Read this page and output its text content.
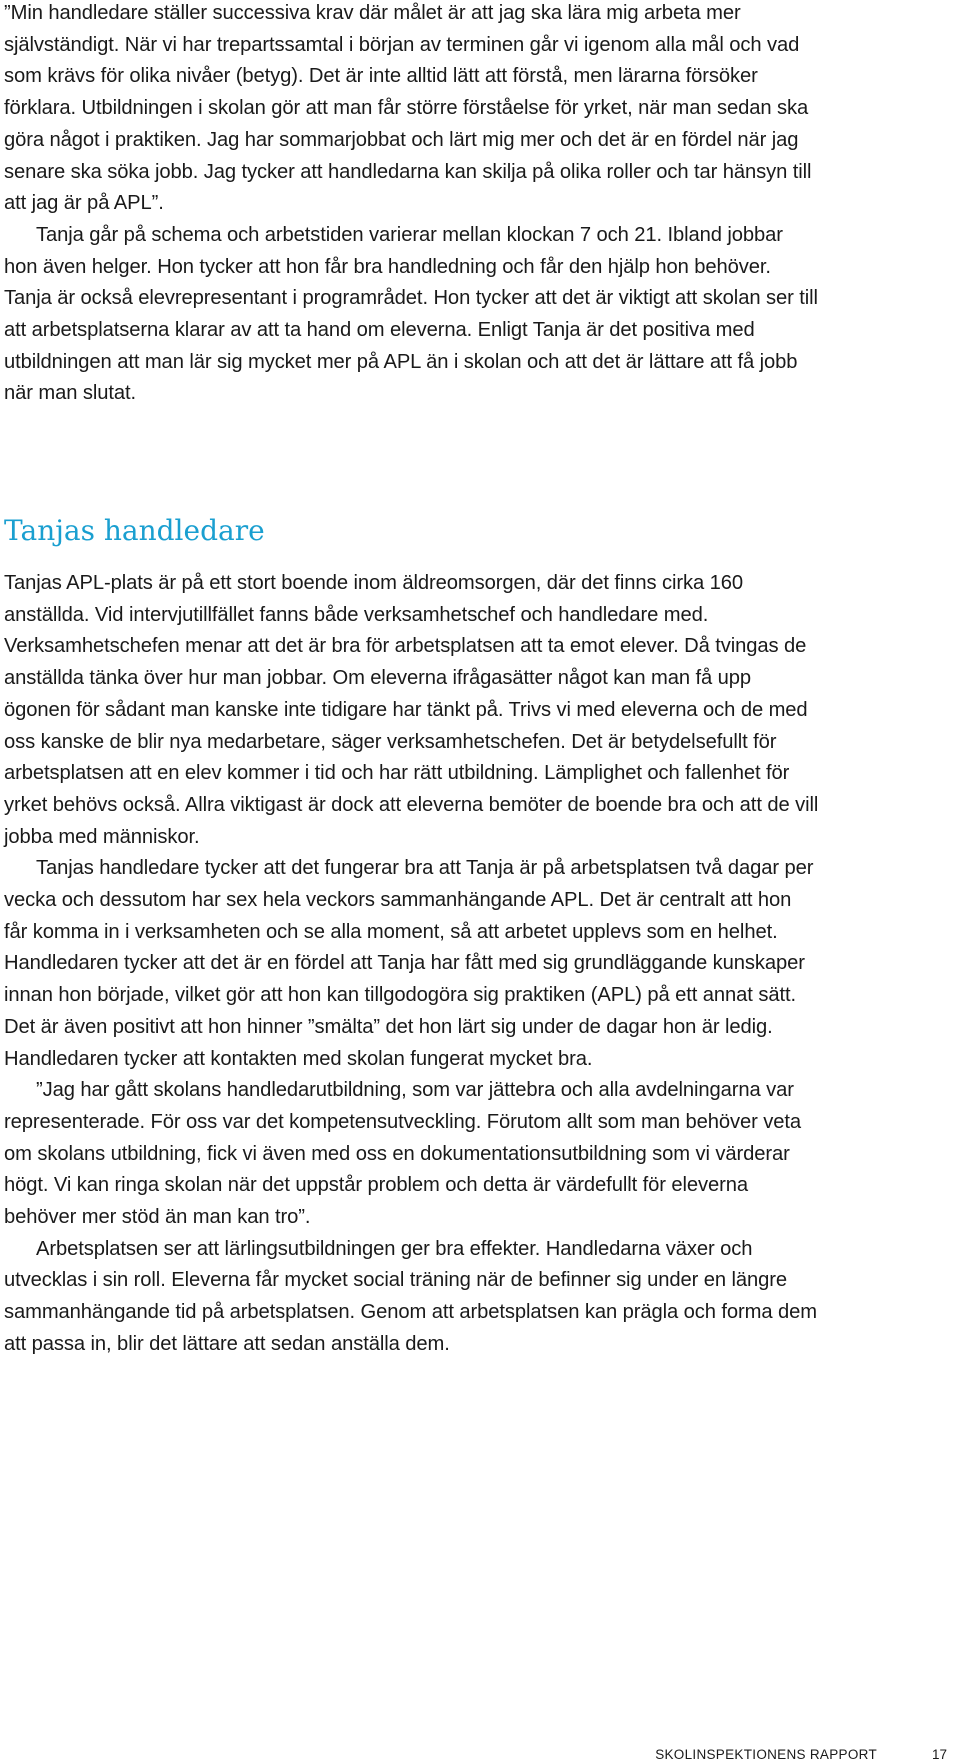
”Min handledare ställer successiva krav där målet är att jag ska lära mig arbeta mer självständigt. När vi har trepartssamtal i början av terminen går vi igenom alla mål och vad som krävs för olika nivåer (betyg). Det är inte alltid lätt att förstå, men lärarna försöker förklara. Utbildningen i skolan gör att man får större förståelse för yrket, när man sedan ska göra något i praktiken. Jag har sommarjobbat och lärt mig mer och det är en fördel när jag senare ska söka jobb. Jag tycker att handledarna kan skilja på olika roller och tar hänsyn till att jag är på APL”.

Tanja går på schema och arbetstiden varierar mellan klockan 7 och 21. Ibland jobbar hon även helger. Hon tycker att hon får bra handledning och får den hjälp hon behöver. Tanja är också elevrepresentant i programrådet. Hon tycker att det är viktigt att skolan ser till att arbetsplatserna klarar av att ta hand om eleverna. Enligt Tanja är det positiva med utbildningen att man lär sig mycket mer på APL än i skolan och att det är lättare att få jobb när man slutat.

Tanjas handledare

Tanjas APL-plats är på ett stort boende inom äldreomsorgen, där det finns cirka 160 anställda. Vid intervjutillfället fanns både verksamhetschef och handledare med. Verksamhetschefen menar att det är bra för arbetsplatsen att ta emot elever. Då tvingas de anställda tänka över hur man jobbar. Om eleverna ifrågasätter något kan man få upp ögonen för sådant man kanske inte tidigare har tänkt på. Trivs vi med eleverna och de med oss kanske de blir nya medarbetare, säger verksamhetschefen. Det är betydelsefullt för arbetsplatsen att en elev kommer i tid och har rätt utbildning. Lämplighet och fallenhet för yrket behövs också. Allra viktigast är dock att eleverna bemöter de boende bra och att de vill jobba med människor.

Tanjas handledare tycker att det fungerar bra att Tanja är på arbetsplatsen två dagar per vecka och dessutom har sex hela veckors sammanhängande APL. Det är centralt att hon får komma in i verksamheten och se alla moment, så att arbetet upplevs som en helhet. Handledaren tycker att det är en fördel att Tanja har fått med sig grundläggande kunskaper innan hon började, vilket gör att hon kan tillgodogöra sig praktiken (APL) på ett annat sätt. Det är även positivt att hon hinner ”smälta” det hon lärt sig under de dagar hon är ledig. Handledaren tycker att kontakten med skolan fungerat mycket bra.

”Jag har gått skolans handledarutbildning, som var jättebra och alla avdelningarna var representerade. För oss var det kompetensutveckling. Förutom allt som man behöver veta om skolans utbildning, fick vi även med oss en dokumentationsutbildning som vi värderar högt. Vi kan ringa skolan när det uppstår problem och detta är värdefullt för eleverna behöver mer stöd än man kan tro”.

Arbetsplatsen ser att lärlingsutbildningen ger bra effekter. Handledarna växer och utvecklas i sin roll. Eleverna får mycket social träning när de befinner sig under en längre sammanhängande tid på arbetsplatsen. Genom att arbetsplatsen kan prägla och forma dem att passa in, blir det lättare att sedan anställa dem.

SKOLINSPEKTIONENS RAPPORT	17
